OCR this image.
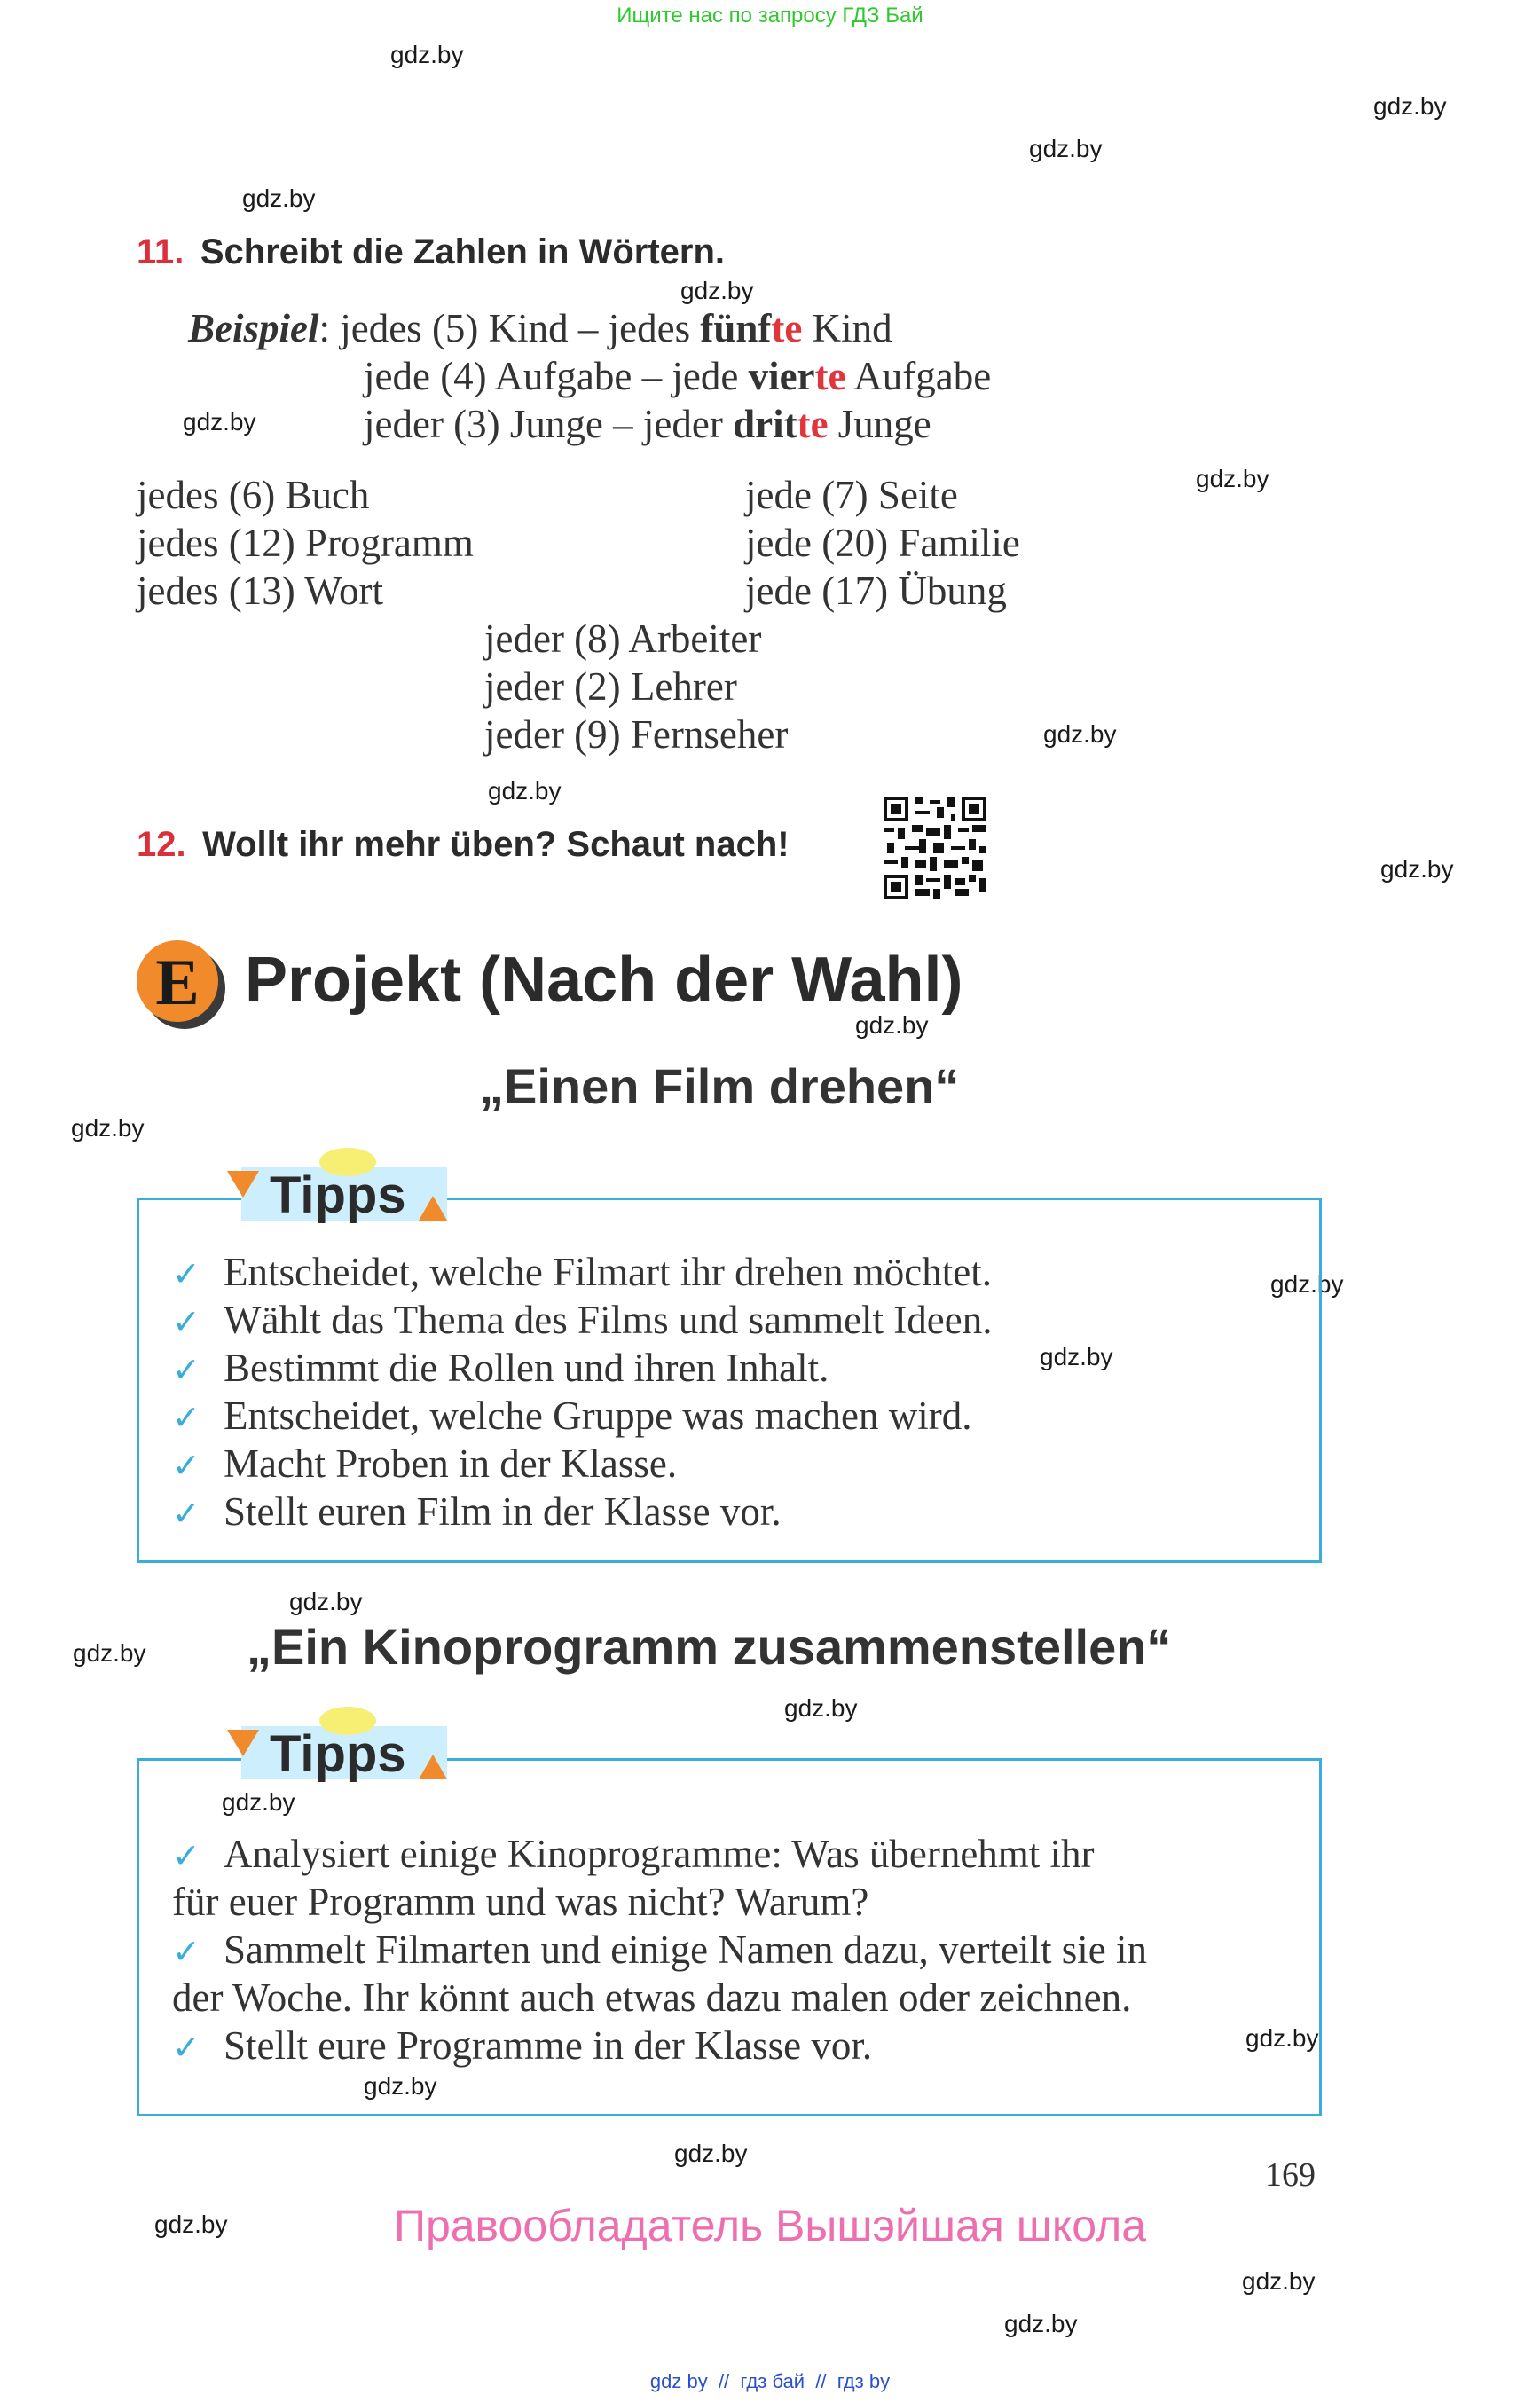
Ищите нас по запросу ГДЗ Бай
gdz.by
gdz.by
gdz.by
gdz.by
gdz.by
gdz.by
gdz.by
gdz.by
gdz.by
gdz.by
gdz.by
gdz.by
gdz.by
gdz.by
gdz.by
gdz.by
gdz.by
gdz.by
gdz.by
gdz.by
gdz.by
gdz.by
gdz.by
gdz.by
11. Schreibt die Zahlen in Wörtern.
Beispiel: jedes (5) Kind – jedes fünfte Kind
jede (4) Aufgabe – jede vierte Aufgabe
jeder (3) Junge – jeder dritte Junge
jedes (6) Buch
jedes (12) Programm
jedes (13) Wort
jede (7) Seite
jede (20) Familie
jede (17) Übung
jeder (8) Arbeiter
jeder (2) Lehrer
jeder (9) Fernseher
12. Wollt ihr mehr üben? Schaut nach!
E Projekt (Nach der Wahl)
„Einen Film drehen“
Tipps
✓ Entscheidet, welche Filmart ihr drehen möchtet.
✓ Wählt das Thema des Films und sammelt Ideen.
✓ Bestimmt die Rollen und ihren Inhalt.
✓ Entscheidet, welche Gruppe was machen wird.
✓ Macht Proben in der Klasse.
✓ Stellt euren Film in der Klasse vor.
„Ein Kinoprogramm zusammenstellen“
Tipps
✓ Analysiert einige Kinoprogramme: Was übernehmt ihr
für euer Programm und was nicht? Warum?
✓ Sammelt Filmarten und einige Namen dazu, verteilt sie in
der Woche. Ihr könnt auch etwas dazu malen oder zeichnen.
✓ Stellt eure Programme in der Klasse vor.
169
Правообладатель Вышэйшая школа
gdz by  //  гдз бай  //  гдз by
